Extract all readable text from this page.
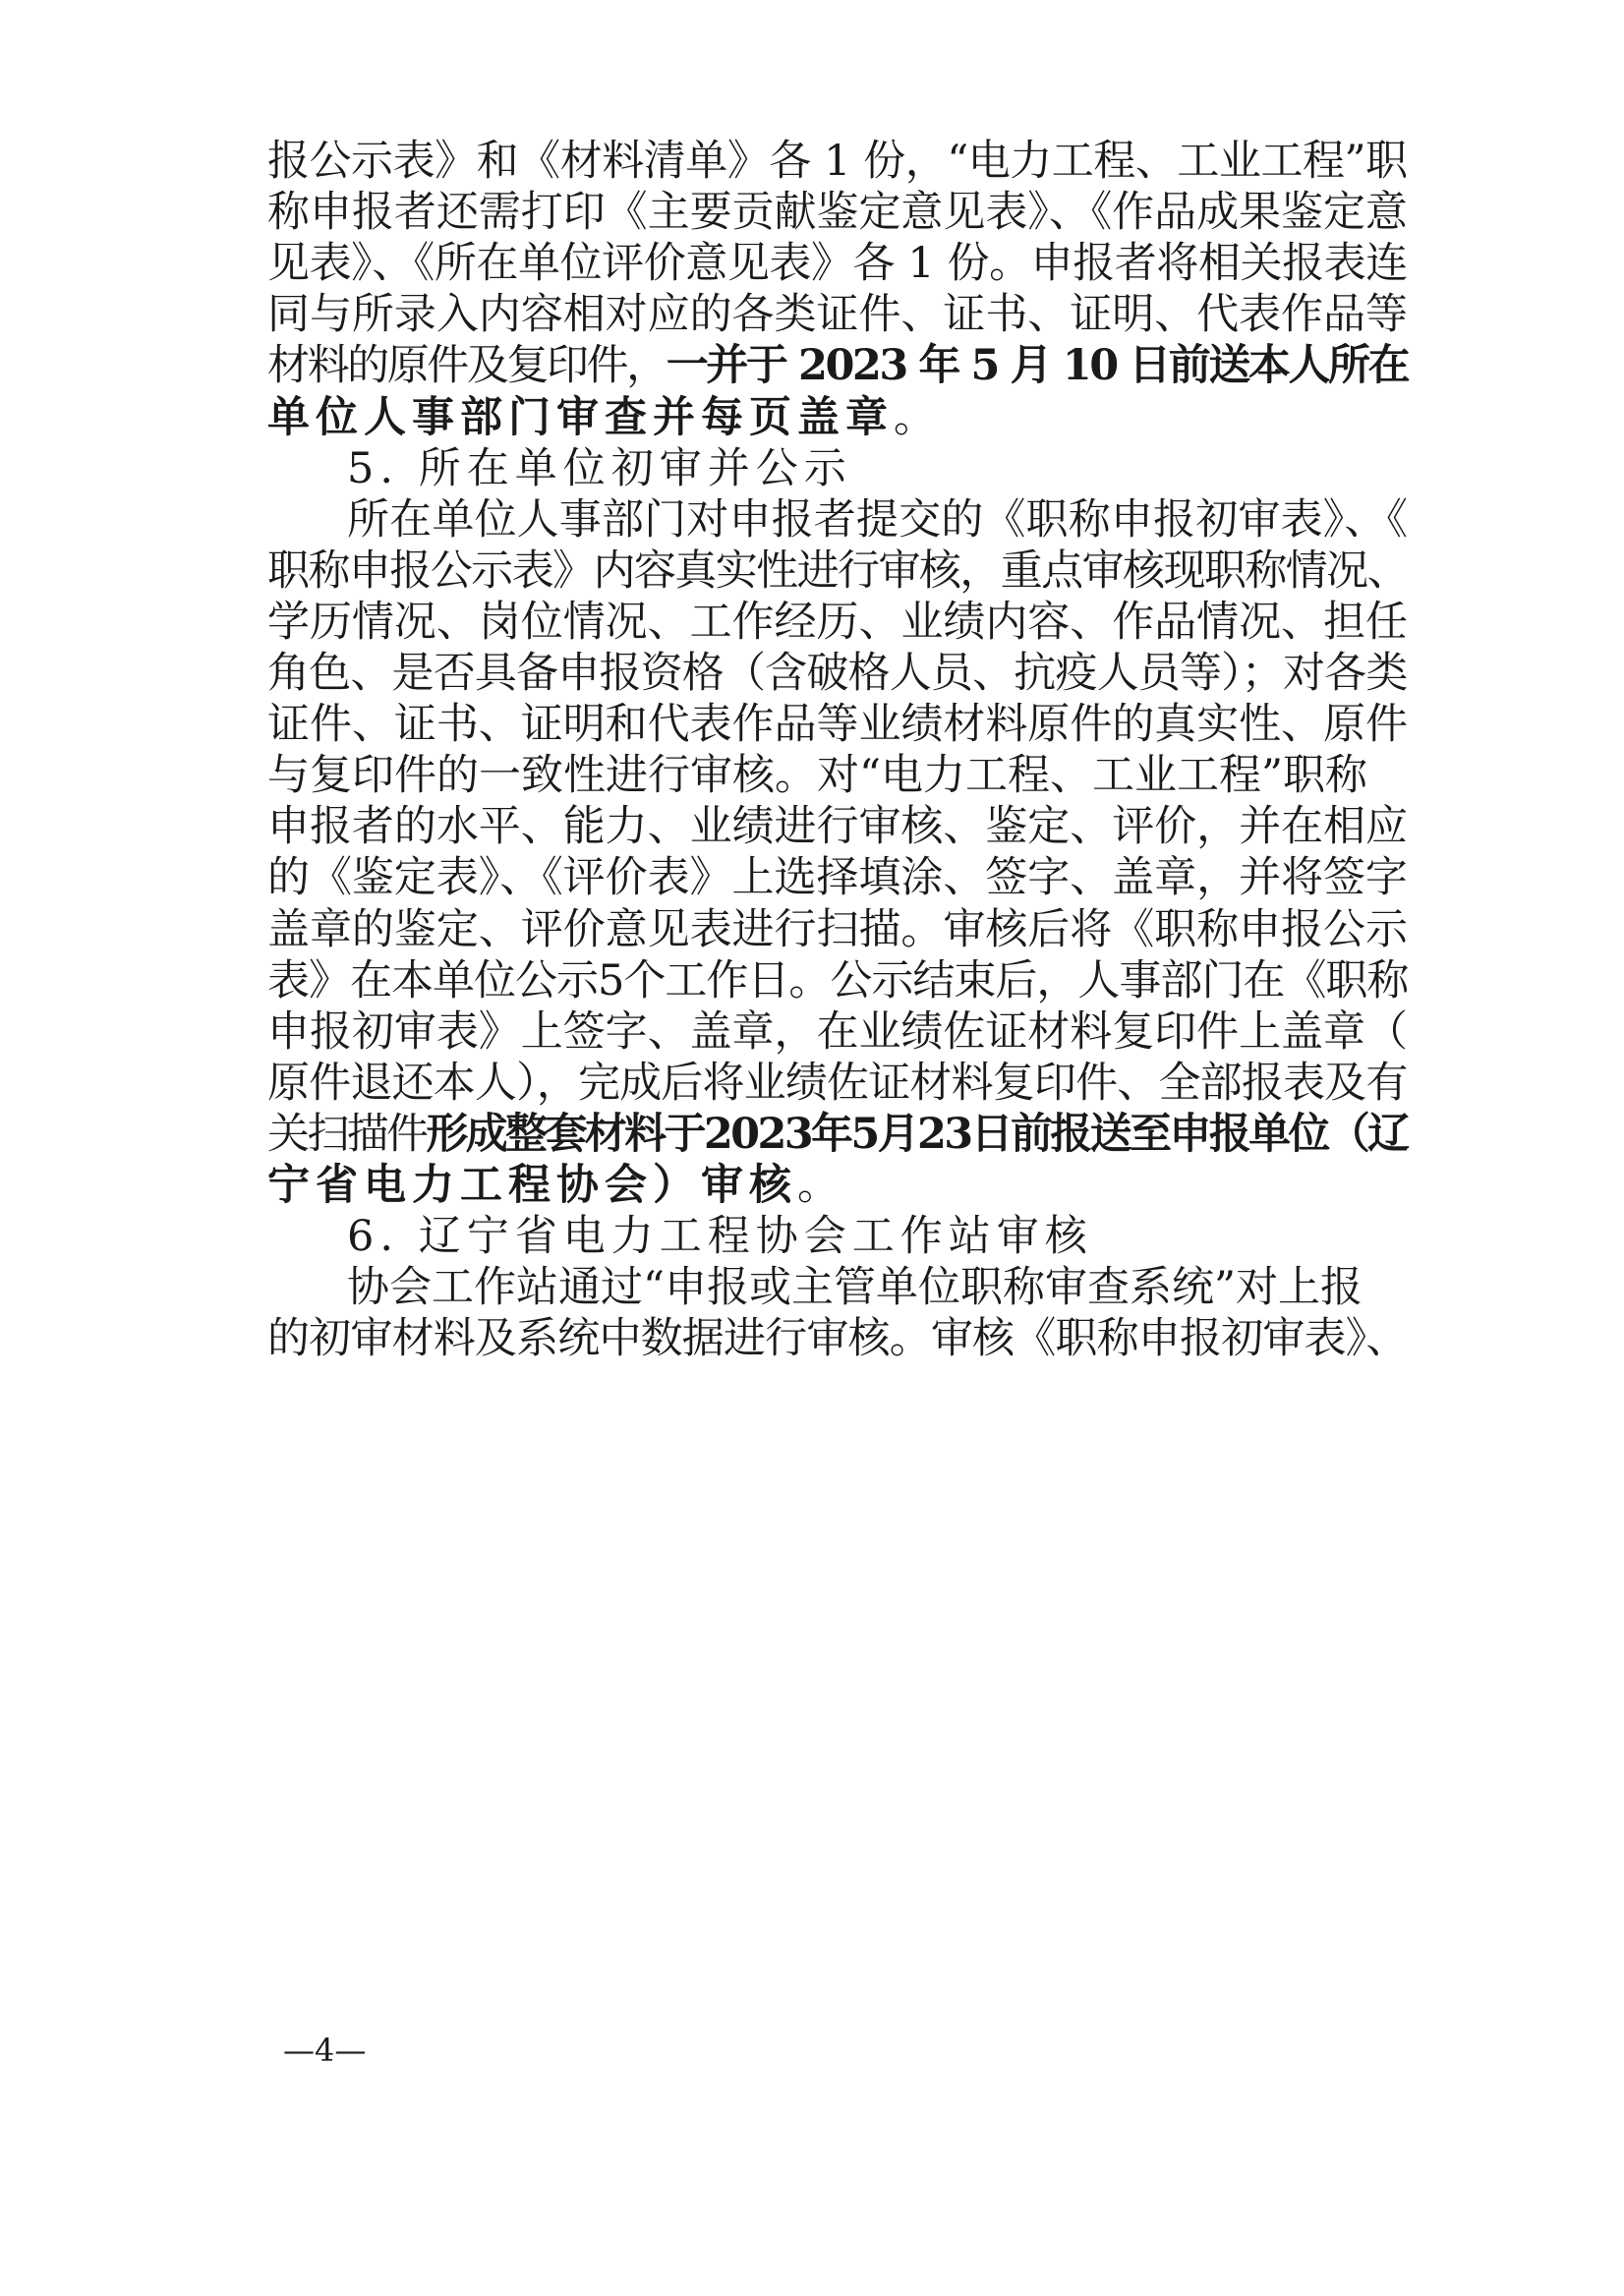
报公示表》和《材料清单》各 1 份，“电力工程、工业工程”职
称申报者还需打印《主要贡献鉴定意见表》、《作品成果鉴定意
见表》、《所在单位评价意见表》各 1 份。申报者将相关报表连
同与所录入内容相对应的各类证件、证书、证明、代表作品等
材料的原件及复印件，一并于 2023 年 5 月 10 日前送本人所在
单位人事部门审查并每页盖章。
5. 所在单位初审并公示
所在单位人事部门对申报者提交的《职称申报初审表》、《
职称申报公示表》内容真实性进行审核，重点审核现职称情况、
学历情况、岗位情况、工作经历、业绩内容、作品情况、担任
角色、是否具备申报资格（含破格人员、抗疫人员等）；对各类
证件、证书、证明和代表作品等业绩材料原件的真实性、原件
与复印件的一致性进行审核。对“电力工程、工业工程”职称
申报者的水平、能力、业绩进行审核、鉴定、评价，并在相应
的《鉴定表》、《评价表》上选择填涂、签字、盖章，并将签字
盖章的鉴定、评价意见表进行扫描。审核后将《职称申报公示
表》在本单位公示5个工作日。公示结束后，人事部门在《职称
申报初审表》上签字、盖章，在业绩佐证材料复印件上盖章（
原件退还本人），完成后将业绩佐证材料复印件、全部报表及有
关扫描件形成整套材料于2023年5月23日前报送至申报单位（辽
宁省电力工程协会）审核。
6. 辽宁省电力工程协会工作站审核
协会工作站通过“申报或主管单位职称审查系统”对上报
的初审材料及系统中数据进行审核。审核《职称申报初审表》、
—4—
